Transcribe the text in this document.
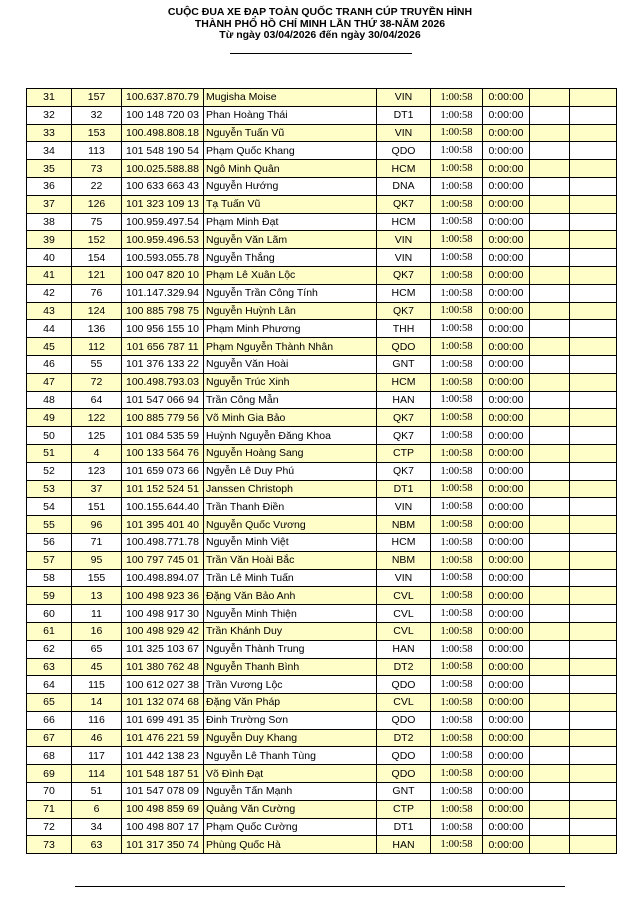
CUỘC ĐUA XE ĐẠP TOÀN QUỐC TRANH CÚP TRUYỀN HÌNH
THÀNH PHỐ HỒ CHÍ MINH LẦN THỨ 38-NĂM 2026
Từ ngày 03/04/2026 đến ngày 30/04/2026
31	157	100.637.870.79	Mugisha Moise	VIN	1:00:58	0:00:00		
32	32	100 148 720 03	Phan Hoàng Thái	DT1	1:00:58	0:00:00		
33	153	100.498.808.18	Nguyễn Tuấn Vũ	VIN	1:00:58	0:00:00		
34	113	101 548 190 54	Phạm Quốc Khang	QDO	1:00:58	0:00:00		
35	73	100.025.588.88	Ngô Minh Quân	HCM	1:00:58	0:00:00		
36	22	100 633 663 43	Nguyễn Hướng	DNA	1:00:58	0:00:00		
37	126	101 323 109 13	Tạ Tuấn Vũ	QK7	1:00:58	0:00:00		
38	75	100.959.497.54	Phạm Minh Đạt	HCM	1:00:58	0:00:00		
39	152	100.959.496.53	Nguyễn Văn Lãm	VIN	1:00:58	0:00:00		
40	154	100.593.055.78	Nguyễn Thắng	VIN	1:00:58	0:00:00		
41	121	100 047 820 10	Phạm Lê Xuân Lộc	QK7	1:00:58	0:00:00		
42	76	101.147.329.94	Nguyễn Trần Công Tính	HCM	1:00:58	0:00:00		
43	124	100 885 798 75	Nguyễn Huỳnh Lân	QK7	1:00:58	0:00:00		
44	136	100 956 155 10	Phạm Minh Phương	THH	1:00:58	0:00:00		
45	112	101 656 787 11	Phạm Nguyễn Thành Nhân	QDO	1:00:58	0:00:00		
46	55	101 376 133 22	Nguyễn Văn Hoài	GNT	1:00:58	0:00:00		
47	72	100.498.793.03	Nguyễn Trúc Xinh	HCM	1:00:58	0:00:00		
48	64	101 547 066 94	Trần Công Mẫn	HAN	1:00:58	0:00:00		
49	122	100 885 779 56	Võ Minh Gia Bảo	QK7	1:00:58	0:00:00		
50	125	101 084 535 59	Huỳnh Nguyễn Đăng Khoa	QK7	1:00:58	0:00:00		
51	4	100 133 564 76	Nguyễn Hoàng Sang	CTP	1:00:58	0:00:00		
52	123	101 659 073 66	Ngyễn Lê Duy Phú	QK7	1:00:58	0:00:00		
53	37	101 152 524 51	Janssen Christoph	DT1	1:00:58	0:00:00		
54	151	100.155.644.40	Trần Thanh Điền	VIN	1:00:58	0:00:00		
55	96	101 395 401 40	Nguyễn Quốc Vương	NBM	1:00:58	0:00:00		
56	71	100.498.771.78	Nguyễn Minh Việt	HCM	1:00:58	0:00:00		
57	95	100 797 745 01	Trần Văn Hoài Bắc	NBM	1:00:58	0:00:00		
58	155	100.498.894.07	Trần Lê Minh Tuấn	VIN	1:00:58	0:00:00		
59	13	100 498 923 36	Đặng Văn Bảo Anh	CVL	1:00:58	0:00:00		
60	11	100 498 917 30	Nguyễn Minh Thiện	CVL	1:00:58	0:00:00		
61	16	100 498 929 42	Trần Khánh Duy	CVL	1:00:58	0:00:00		
62	65	101 325 103 67	Nguyễn Thành Trung	HAN	1:00:58	0:00:00		
63	45	101 380 762 48	Nguyễn Thanh Bình	DT2	1:00:58	0:00:00		
64	115	100 612 027 38	Trần Vương Lộc	QDO	1:00:58	0:00:00		
65	14	101 132 074 68	Đặng Văn Pháp	CVL	1:00:58	0:00:00		
66	116	101 699 491 35	Đinh Trường Sơn	QDO	1:00:58	0:00:00		
67	46	101 476 221 59	Nguyễn Duy Khang	DT2	1:00:58	0:00:00		
68	117	101 442 138 23	Nguyễn Lê Thanh Tùng	QDO	1:00:58	0:00:00		
69	114	101 548 187 51	Võ Đình Đạt	QDO	1:00:58	0:00:00		
70	51	101 547 078 09	Nguyễn Tấn Mạnh	GNT	1:00:58	0:00:00		
71	6	100 498 859 69	Quảng Văn Cường	CTP	1:00:58	0:00:00		
72	34	100 498 807 17	Phạm Quốc Cường	DT1	1:00:58	0:00:00		
73	63	101 317 350 74	Phùng Quốc Hà	HAN	1:00:58	0:00:00		
